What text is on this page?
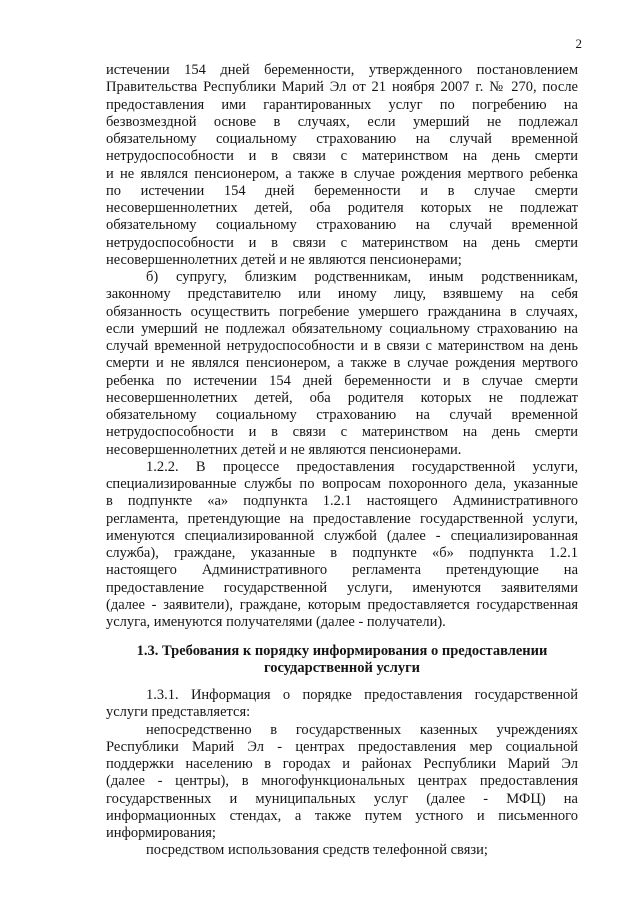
2
истечении 154 дней беременности, утвержденного постановлением
Правительства Республики Марий Эл от 21 ноября 2007 г. № 270, после
предоставления ими гарантированных услуг по погребению на
безвозмездной основе в случаях, если умерший не подлежал
обязательному социальному страхованию на случай временной
нетрудоспособности и в связи с материнством на день смерти
и не являлся пенсионером, а также в случае рождения мертвого ребенка
по истечении 154 дней беременности и в случае смерти
несовершеннолетних детей, оба родителя которых не подлежат
обязательному социальному страхованию на случай временной
нетрудоспособности и в связи с материнством на день смерти
несовершеннолетних детей и не являются пенсионерами;
б) супругу, близким родственникам, иным родственникам,
законному представителю или иному лицу, взявшему на себя
обязанность осуществить погребение умершего гражданина в случаях,
если умерший не подлежал обязательному социальному страхованию на
случай временной нетрудоспособности и в связи с материнством на день
смерти и не являлся пенсионером, а также в случае рождения мертвого
ребенка по истечении 154 дней беременности и в случае смерти
несовершеннолетних детей, оба родителя которых не подлежат
обязательному социальному страхованию на случай временной
нетрудоспособности и в связи с материнством на день смерти
несовершеннолетних детей и не являются пенсионерами.
1.2.2. В процессе предоставления государственной услуги,
специализированные службы по вопросам похоронного дела, указанные
в подпункте «а» подпункта 1.2.1 настоящего Административного
регламента, претендующие на предоставление государственной услуги,
именуются специализированной службой (далее - специализированная
служба), граждане, указанные в подпункте «б» подпункта 1.2.1
настоящего Административного регламента претендующие на
предоставление государственной услуги, именуются заявителями
(далее - заявители), граждане, которым предоставляется государственная
услуга, именуются получателями (далее - получатели).
1.3. Требования к порядку информирования о предоставлении
государственной услуги
1.3.1. Информация о порядке предоставления государственной
услуги представляется:
непосредственно в государственных казенных учреждениях
Республики Марий Эл - центрах предоставления мер социальной
поддержки населению в городах и районах Республики Марий Эл
(далее - центры), в многофункциональных центрах предоставления
государственных и муниципальных услуг (далее - МФЦ) на
информационных стендах, а также путем устного и письменного
информирования;
посредством использования средств телефонной связи;
